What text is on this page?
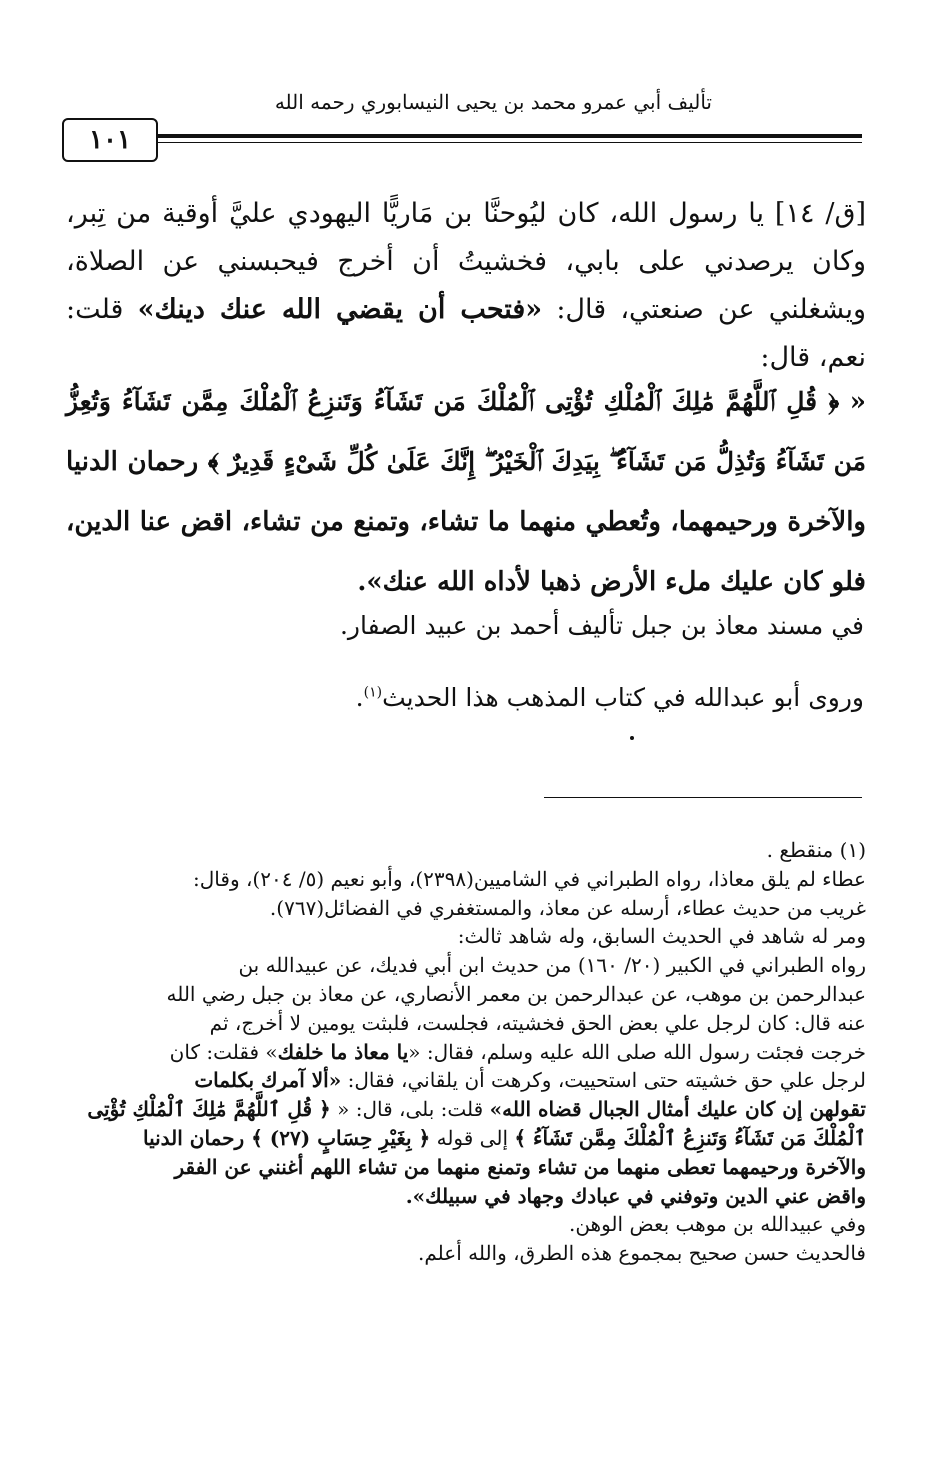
تأليف أبي عمرو محمد بن يحيى النيسابوري رحمه الله
١٠١
[ق/ ١٤] يا رسول الله، كان ليُوحنَّا بن مَاريًّا اليهودي عليَّ أوقية من تِبر، وكان يرصدني على بابي، فخشيتُ أن أخرج فيحبسني عن الصلاة، ويشغلني عن صنعتي، قال: «فتحب أن يقضي الله عنك دينك» قلت: نعم، قال:
« ﴿ قُلِ ٱللَّهُمَّ مَٰلِكَ ٱلْمُلْكِ تُؤْتِى ٱلْمُلْكَ مَن تَشَآءُ وَتَنزِعُ ٱلْمُلْكَ مِمَّن تَشَآءُ وَتُعِزُّ مَن تَشَآءُ وَتُذِلُّ مَن تَشَآءُ ۖ بِيَدِكَ ٱلْخَيْرُ ۖ إِنَّكَ عَلَىٰ كُلِّ شَىْءٍ قَدِيرٌ ﴾ رحمان الدنيا والآخرة ورحيمهما، وتُعطي منهما ما تشاء، وتمنع من تشاء، اقض عنا الدين، فلو كان عليك ملء الأرض ذهبا لأداه الله عنك».
في مسند معاذ بن جبل تأليف أحمد بن عبيد الصفار.
وروى أبو عبدالله في كتاب المذهب هذا الحديث$^{(١)}$.
(١) منقطع .
عطاء لم يلق معاذا، رواه الطبراني في الشاميين(٢٣٩٨)، وأبو نعيم (٥/ ٢٠٤)، وقال:
غريب من حديث عطاء، أرسله عن معاذ، والمستغفري في الفضائل(٧٦٧).
ومر له شاهد في الحديث السابق، وله شاهد ثالث:
رواه الطبراني في الكبير (٢٠/ ١٦٠) من حديث ابن أبي فديك، عن عبيدالله بن
عبدالرحمن بن موهب، عن عبدالرحمن بن معمر الأنصاري، عن معاذ بن جبل رضي الله
عنه قال: كان لرجل علي بعض الحق فخشيته، فجلست، فلبثت يومين لا أخرج، ثم
خرجت فجئت رسول الله صلى الله عليه وسلم، فقال: «يا معاذ ما خلفك» فقلت: كان
لرجل علي حق خشيته حتى استحييت، وكرهت أن يلقاني، فقال: «ألا آمرك بكلمات
تقولهن إن كان عليك أمثال الجبال قضاه الله» قلت: بلى، قال: « ﴿ قُلِ ٱللَّهُمَّ مَٰلِكَ ٱلْمُلْكِ تُؤْتِى
ٱلْمُلْكَ مَن تَشَآءُ وَتَنزِعُ ٱلْمُلْكَ مِمَّن تَشَآءُ ﴾ إلى قوله ﴿ بِغَيْرِ حِسَابٍ (٢٧) ﴾ رحمان الدنيا
والآخرة ورحيمهما تعطى منهما من تشاء وتمنع منهما من تشاء اللهم أغنني عن الفقر
واقض عني الدين وتوفني في عبادك وجهاد في سبيلك».
وفي عبيدالله بن موهب بعض الوهن.
فالحديث حسن صحيح بمجموع هذه الطرق، والله أعلم.
